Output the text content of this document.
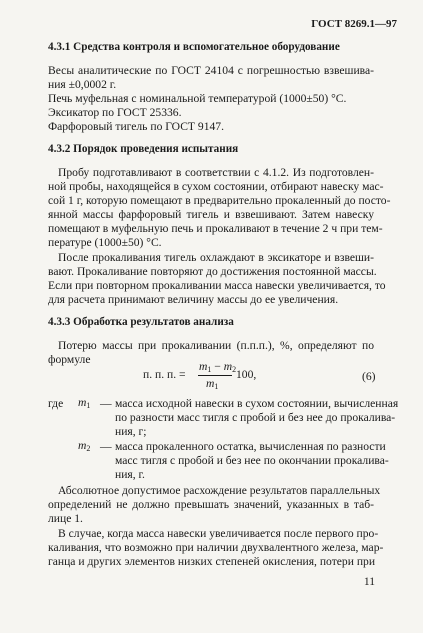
ГОСТ 8269.1—97
4.3.1 Средства контроля и вспомогательное оборудование
Весы аналитические по ГОСТ 24104 с погрешностью взвешива-
ния ±0,0002 г.
Печь муфельная с номинальной температурой (1000±50) °С.
Эксикатор по ГОСТ 25336.
Фарфоровый тигель по ГОСТ 9147.
4.3.2 Порядок проведения испытания
Пробу подготавливают в соответствии с 4.1.2. Из подготовлен-
ной пробы, находящейся в сухом состоянии, отбирают навеску мас-
сой 1 г, которую помещают в предварительно прокаленный до посто-
янной массы фарфоровый тигель и взвешивают. Затем навеску
помещают в муфельную печь и прокаливают в течение 2 ч при тем-
пературе (1000±50) °С.
После прокаливания тигель охлаждают в эксикаторе и взвеши-
вают. Прокаливание повторяют до достижения постоянной массы.
Если при повторном прокаливании масса навески увеличивается, то
для расчета принимают величину массы до ее увеличения.
4.3.3 Обработка результатов анализа
Потерю массы при прокаливании (п.п.п.), %, определяют по
формуле
п. п. п. =
$m_1 - m_2$
$m_1$
100,	(6)
где $m_1$ — масса исходной навески в сухом состоянии, вычисленная
по разности масс тигля с пробой и без нее до прокалива-
ния, г;
$m_2$ — масса прокаленного остатка, вычисленная по разности
масс тигля с пробой и без нее по окончании прокалива-
ния, г.
Абсолютное допустимое расхождение результатов параллельных
определений не должно превышать значений, указанных в таб-
лице 1.
В случае, когда масса навески увеличивается после первого про-
каливания, что возможно при наличии двухвалентного железа, мар-
ганца и других элементов низких степеней окисления, потери при
11
